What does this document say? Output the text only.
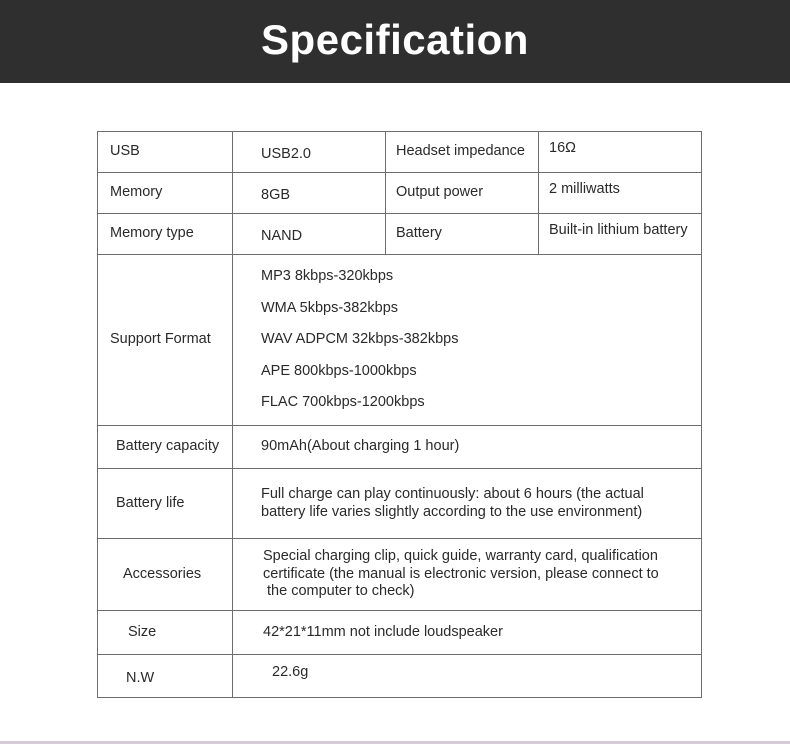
Specification
USB	USB2.0	Headset impedance	16Ω
Memory	8GB	Output power	2 milliwatts
Memory type	NAND	Battery	Built-in lithium battery
Support Format	MP3 8kbps-320kbps
WMA 5kbps-382kbps
WAV ADPCM 32kbps-382kbps
APE 800kbps-1000kbps
FLAC 700kbps-1200kbps		

Battery capacity	90mAh(About charging 1 hour)		
Battery life	Full charge can play continuously: about 6 hours (the actual
battery life varies slightly according to the use environment)		

Accessories	Special charging clip, quick guide, warranty card, qualification
certificate (the manual is electronic version, please connect to
the computer to check)		

Size	42*21*11mm not include loudspeaker		
N.W	22.6g		
